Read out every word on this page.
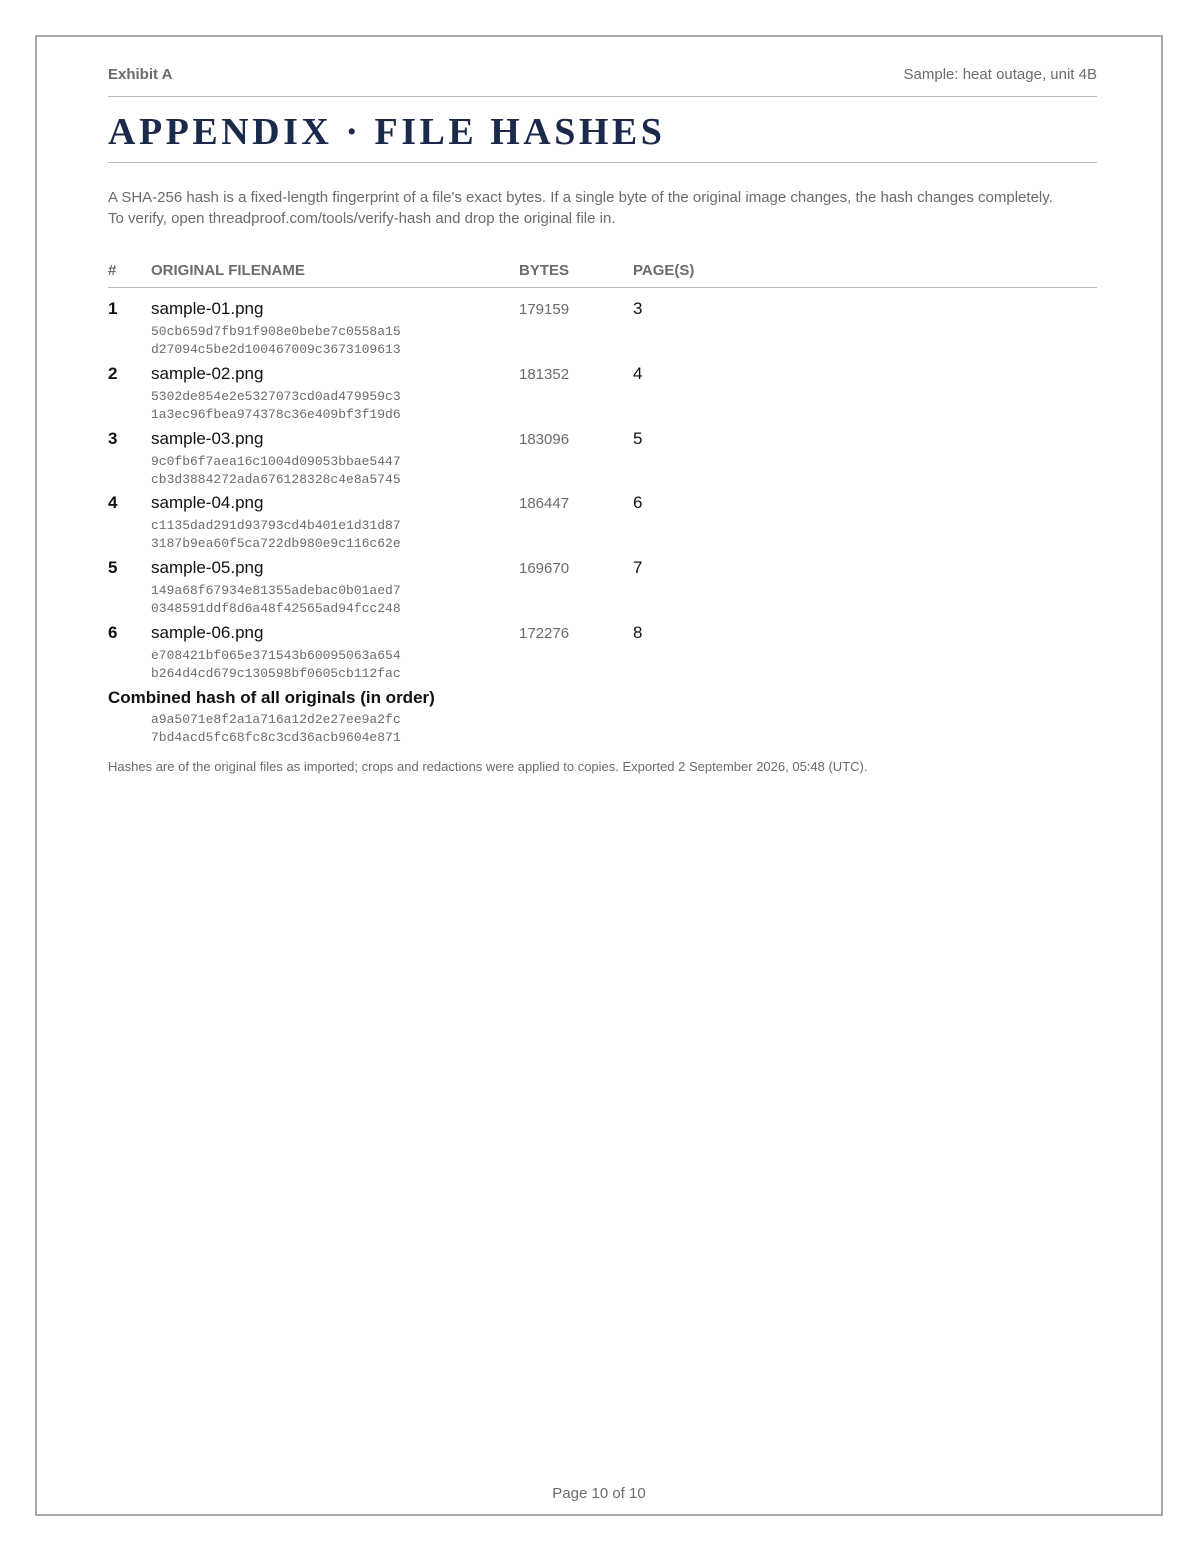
Exhibit A	Sample: heat outage, unit 4B
APPENDIX · FILE HASHES

A SHA-256 hash is a fixed-length fingerprint of a file's exact bytes. If a single byte of the original image changes, the hash changes completely.
To verify, open threadproof.com/tools/verify-hash and drop the original file in.

# ORIGINAL FILENAME	BYTES	PAGE(S)
1 sample-01.png
50cb659d7fb91f908e0bebe7c0558a15
d27094c5be2d100467009c3673109613
179159	3
2 sample-02.png
5302de854e2e5327073cd0ad479959c3
1a3ec96fbea974378c36e409bf3f19d6
181352	4
3 sample-03.png
9c0fb6f7aea16c1004d09053bbae5447
cb3d3884272ada676128328c4e8a5745
183096	5
4 sample-04.png
c1135dad291d93793cd4b401e1d31d87
3187b9ea60f5ca722db980e9c116c62e
186447	6
5 sample-05.png
149a68f67934e81355adebac0b01aed7
0348591ddf8d6a48f42565ad94fcc248
169670	7
6 sample-06.png
e708421bf065e371543b60095063a654
b264d4cd679c130598bf0605cb112fac
172276	8
Combined hash of all originals (in order)
a9a5071e8f2a1a716a12d2e27ee9a2fc
7bd4acd5fc68fc8c3cd36acb9604e871

Hashes are of the original files as imported; crops and redactions were applied to copies. Exported 2 September 2026, 05:48 (UTC).

Page 10 of 10
